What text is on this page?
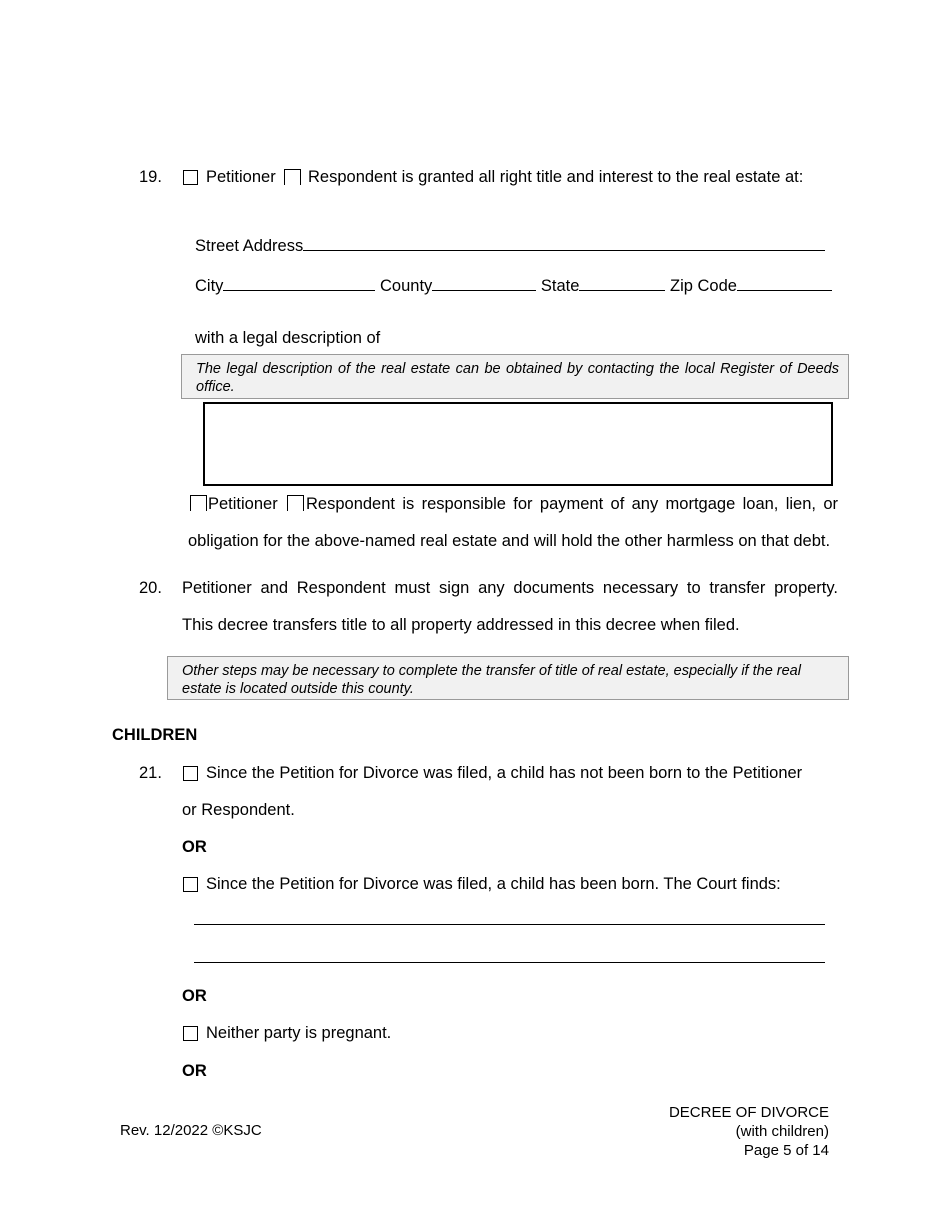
19.	Petitioner Respondent is granted all right title and interest to the real estate at:
Street Address
City	County	State	Zip Code
with a legal description of
The legal description of the real estate can be obtained by contacting the local Register of Deeds office.
Petitioner Respondent is responsible for payment of any mortgage loan, lien, or
obligation for the above-named real estate and will hold the other harmless on that debt.
20. Petitioner and Respondent must sign any documents necessary to transfer property.
This decree transfers title to all property addressed in this decree when filed.
Other steps may be necessary to complete the transfer of title of real estate, especially if the real estate is located outside this county.
CHILDREN
21.	Since the Petition for Divorce was filed, a child has not been born to the Petitioner
or Respondent.
OR
Since the Petition for Divorce was filed, a child has been born. The Court finds:
OR
Neither party is pregnant.
OR
Rev. 12/2022 ©KSJC
DECREE OF DIVORCE
(with children)
Page 5 of 14
